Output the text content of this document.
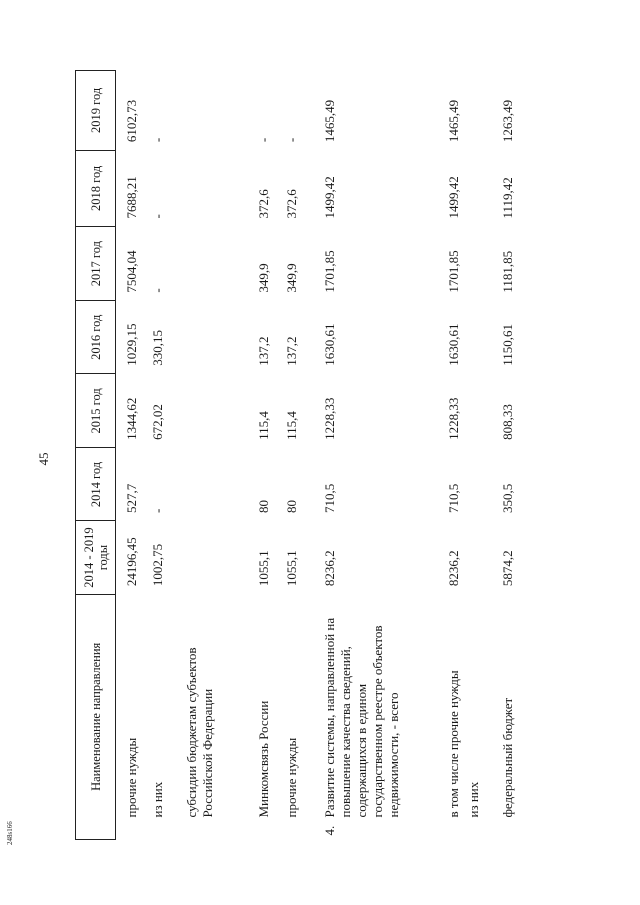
45
248s166
Наименование направления	2014 - 2019 годы	2014 год	2015 год	2016 год	2017 год	2018 год	2019 год

прочие нужды	24196,45	527,7	1344,62	1029,15	7504,04	7688,21	6102,73

из них	1002,75	-	672,02	330,15	-	-	-

субсидии бюджетам субъектов Российской Федерации							

Минкомсвязь России	1055,1	80	115,4	137,2	349,9	372,6	-

прочие нужды	1055,1	80	115,4	137,2	349,9	372,6	-

4.
Развитие системы, направленной на повышение качества сведений, содержащихся в едином государственном реестре объектов недвижимости, - всего	8236,2	710,5	1228,33	1630,61	1701,85	1499,42	1465,49

в том числе прочие нужды	8236,2	710,5	1228,33	1630,61	1701,85	1499,42	1465,49

из них							

федеральный бюджет	5874,2	350,5	808,33	1150,61	1181,85	1119,42	1263,49
